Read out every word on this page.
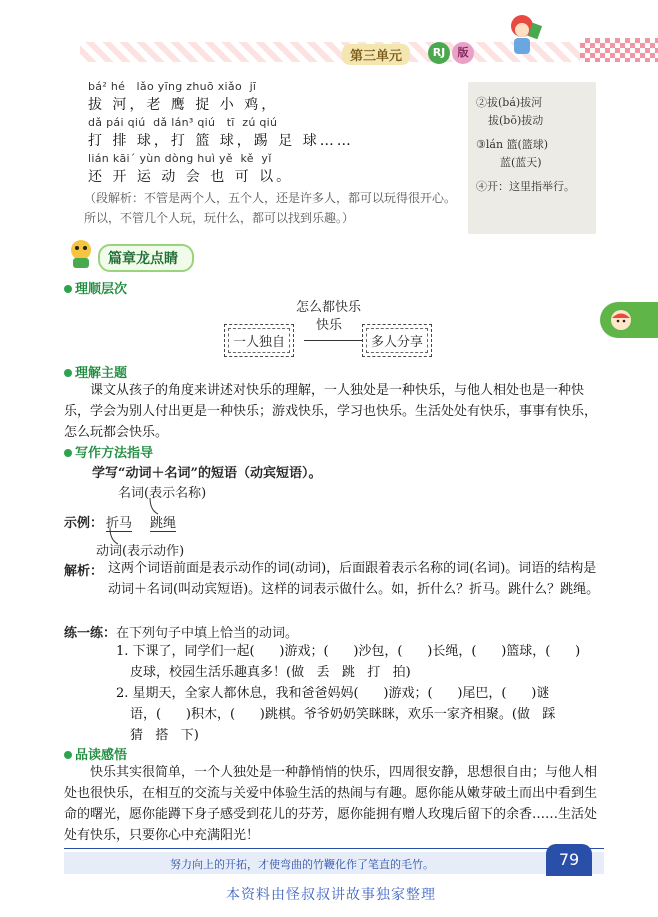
第三单元	RJ	版
bá² hé   lǎo yīng zhuō xiǎo  jī
拔 河，老 鹰 捉 小 鸡，
dǎ pái qiú  dǎ lán³ qiú   tī  zú qiú
打 排 球，打 篮 球，踢 足 球……
lián kāi´ yùn dòng huì yě  kě  yǐ
还 开 运 动 会 也 可 以。
（段解析：不管是两个人，五个人，还是许多人，都可以玩得很开心。所以，不管几个人玩，玩什么，都可以找到乐趣。）
②拔(bá)拔河
拔(bō)拔动
③lán 篮(篮球)
蓝(蓝天)
④开：这里指举行。
篇章龙点睛
理顺层次
怎么都快乐
快乐
一人独自	多人分享
理解主题
课文从孩子的角度来讲述对快乐的理解，一人独处是一种快乐，与他人相处也是一种快乐，学会为别人付出更是一种快乐；游戏快乐，学习也快乐。生活处处有快乐，事事有快乐，怎么玩都会快乐。
写作方法指导
学写“动词＋名词”的短语（动宾短语）。
名词(表示名称)
示例： 折马 跳绳
动词(表示动作)
解析： 这两个词语前面是表示动作的词(动词)，后面跟着表示名称的词(名词)。词语的结构是动词＋名词(叫动宾短语)。这样的词表示做什么。如，折什么？折马。跳什么？跳绳。
练一练： 在下列句子中填上恰当的动词。
1. 下课了，同学们一起(      )游戏；(      )沙包，(      )长绳，(      )篮球，(      )
皮球，校园生活乐趣真多！(做   丢   跳   打   拍)
2. 星期天，全家人都休息，我和爸爸妈妈(      )游戏；(      )尾巴，(      )谜
语，(      )积木，(      )跳棋。爷爷奶奶笑眯眯，欢乐一家齐相聚。(做   踩
猜   搭   下)
品读感悟
快乐其实很简单，一个人独处是一种静悄悄的快乐，四周很安静，思想很自由；与他人相处也很快乐，在相互的交流与关爱中体验生活的热闹与有趣。愿你能从嫩芽破土而出中看到生命的曙光，愿你能蹲下身子感受到花儿的芬芳，愿你能拥有赠人玫瑰后留下的余香……生活处处有快乐，只要你心中充满阳光！
努力向上的开拓，才使弯曲的竹鞭化作了笔直的毛竹。	79
本资料由怪叔叔讲故事独家整理
